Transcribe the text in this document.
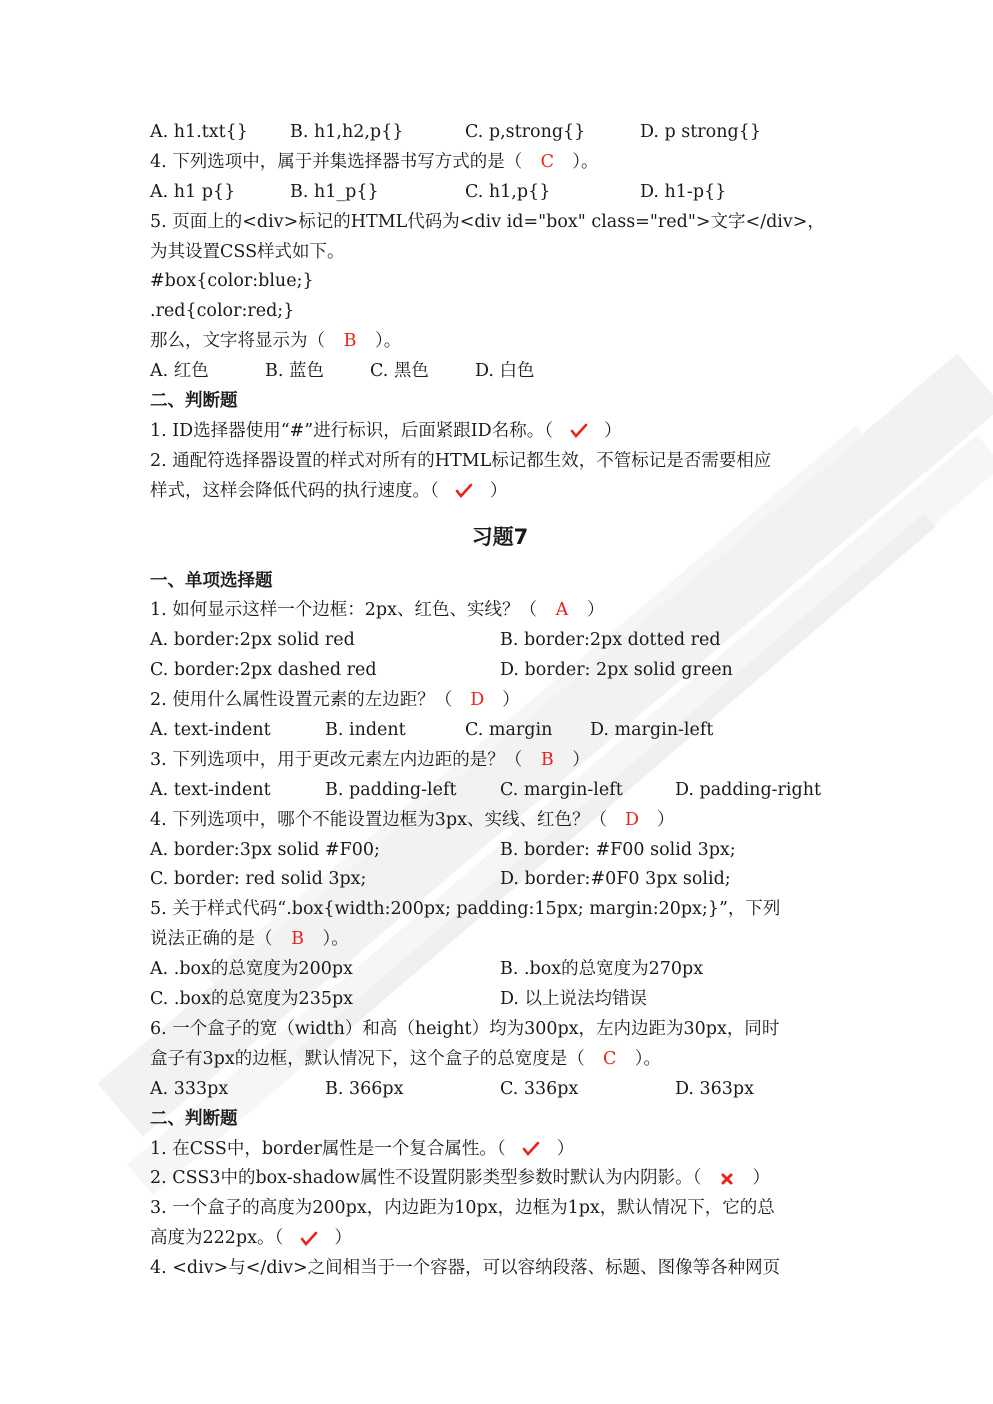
A. h1.txt{} B. h1,h2,p{}	C. p,strong{}	D. p strong{}
4. 下列选项中，属于并集选择器书写方式的是（ C ）。
A. h1 p{}	B. h1_p{}	C. h1,p{}	D. h1-p{}
5. 页面上的<div>标记的HTML代码为<div id="box" class="red">文字</div>，
为其设置CSS样式如下。
#box{color:blue;}
.red{color:red;}
那么，文字将显示为（ B ）。
A. 红色	B. 蓝色	C. 黑色	D. 白色
二、判断题
1. ID选择器使用“#”进行标识，后面紧跟ID名称。（	）
2. 通配符选择器设置的样式对所有的HTML标记都生效，不管标记是否需要相应
样式，这样会降低代码的执行速度。（	）
习题7
一、单项选择题
1. 如何显示这样一个边框：2px、红色、实线？（ A ）
A. border:2px solid red	B. border:2px dotted red
C. border:2px dashed red	D. border: 2px solid green
2. 使用什么属性设置元素的左边距？（ D ）
A. text-indent	B. indent	C. margin D. margin-left
3. 下列选项中，用于更改元素左内边距的是？（ B ）
A. text-indent	B. padding-left C. margin-left	D. padding-right
4. 下列选项中，哪个不能设置边框为3px、实线、红色？（ D ）
A. border:3px solid #F00;	B. border: #F00 solid 3px;
C. border: red solid 3px;	D. border:#0F0 3px solid;
5. 关于样式代码“.box{width:200px; padding:15px; margin:20px;}”，下列
说法正确的是（ B ）。
A. .box的总宽度为200px	B. .box的总宽度为270px
C. .box的总宽度为235px	D. 以上说法均错误
6. 一个盒子的宽（width）和高（height）均为300px，左内边距为30px，同时
盒子有3px的边框，默认情况下，这个盒子的总宽度是（ C ）。
A. 333px	B. 366px	C. 336px	D. 363px
二、判断题
1. 在CSS中，border属性是一个复合属性。（	）
2. CSS3中的box-shadow属性不设置阴影类型参数时默认为内阴影。（	）
3. 一个盒子的高度为200px，内边距为10px，边框为1px，默认情况下，它的总
高度为222px。（	）
4. <div>与</div>之间相当于一个容器，可以容纳段落、标题、图像等各种网页
